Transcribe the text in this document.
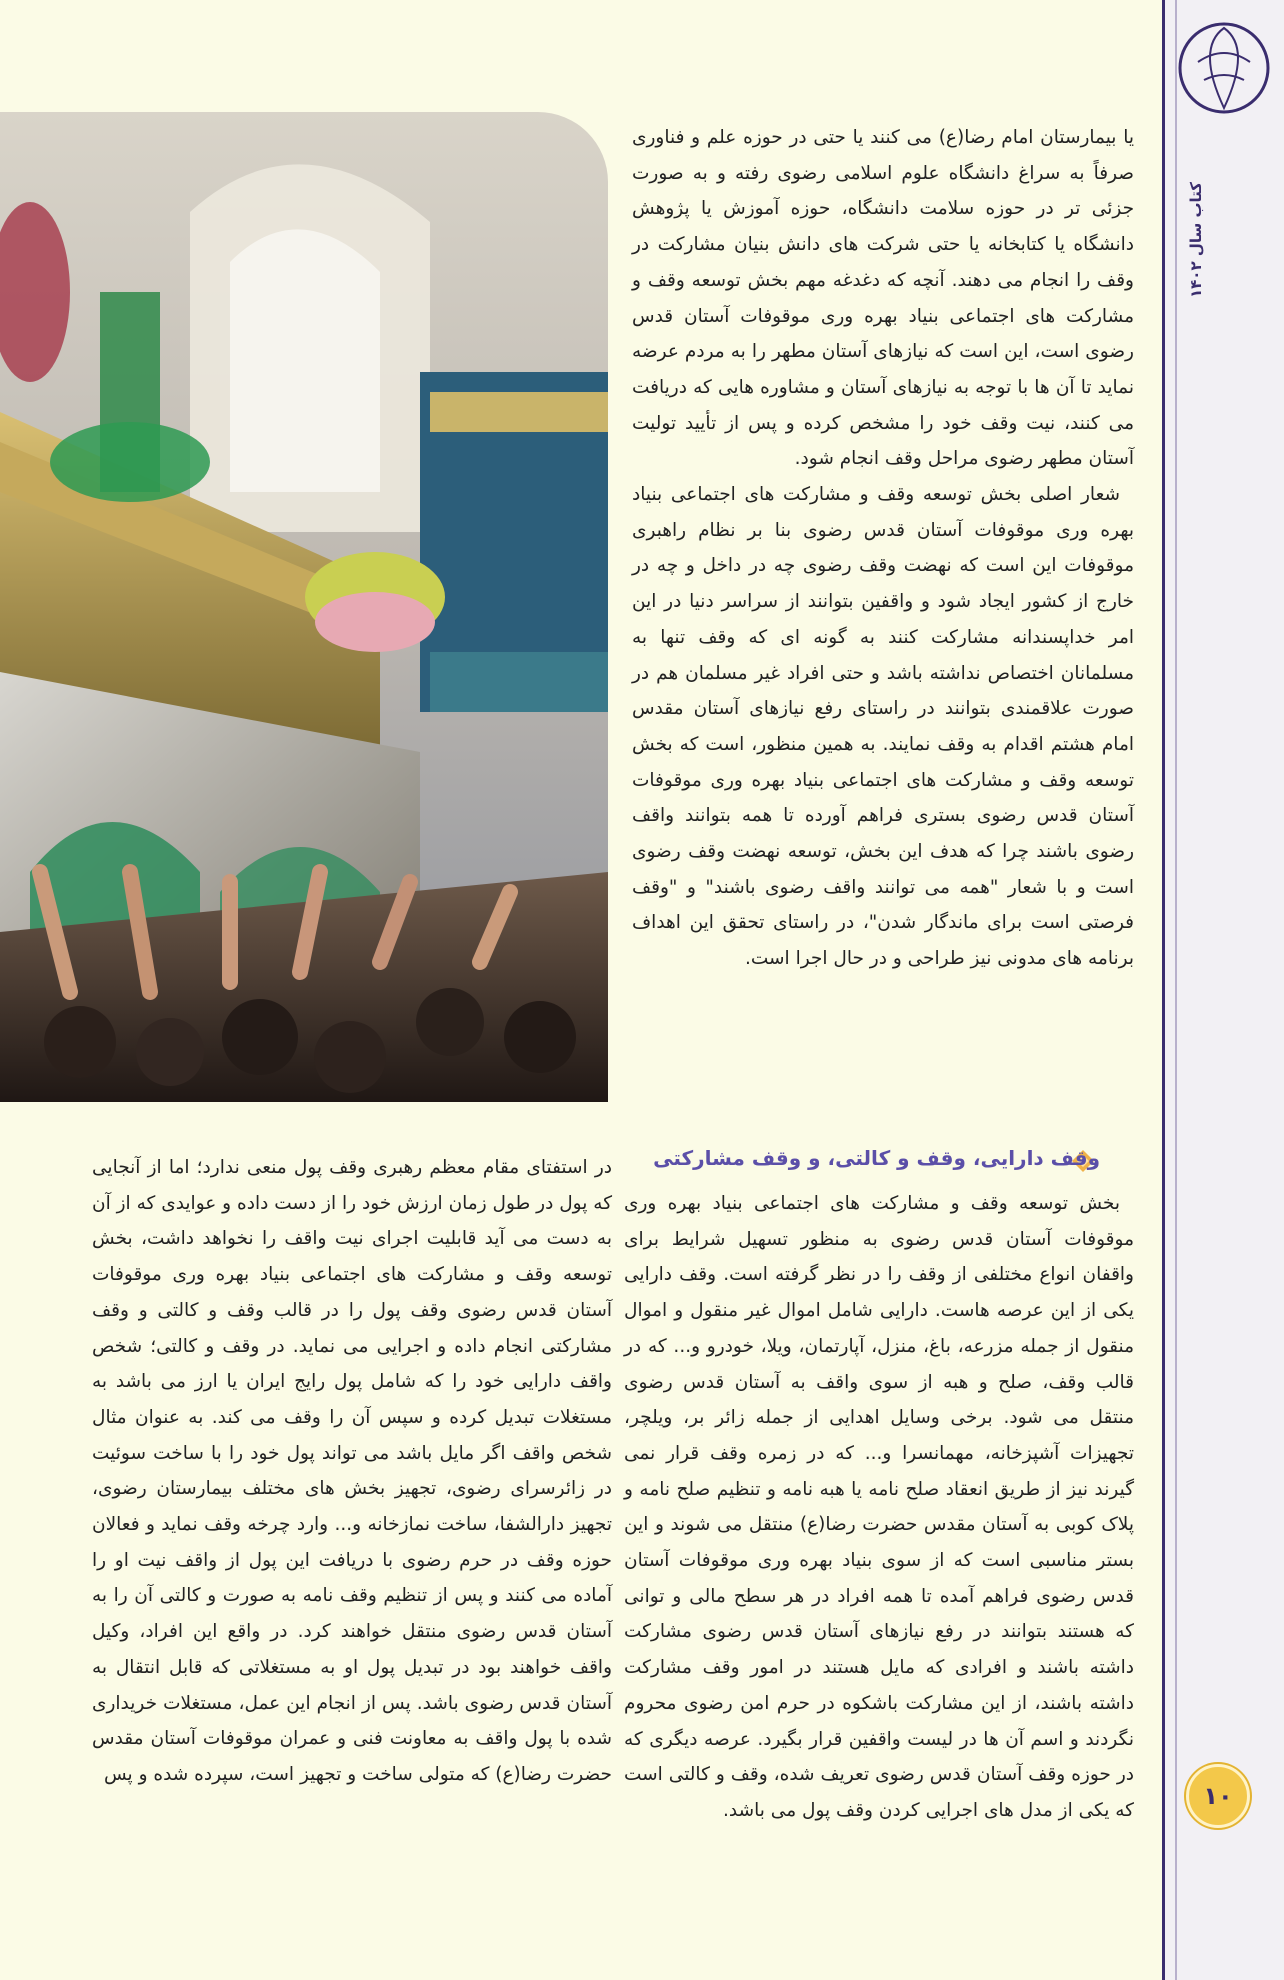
یا بیمارستان امام رضا(ع) می کنند یا حتی در حوزه علم و فناوری صرفاً به سراغ دانشگاه علوم اسلامی رضوی رفته و به صورت جزئی تر در حوزه سلامت دانشگاه، حوزه آموزش یا پژوهش دانشگاه یا کتابخانه یا حتی شرکت های دانش بنیان مشارکت در وقف را انجام می دهند. آنچه که دغدغه مهم بخش توسعه وقف و مشارکت های اجتماعی بنیاد بهره وری موقوفات آستان قدس رضوی است، این است که نیازهای آستان مطهر را به مردم عرضه نماید تا آن ها با توجه به نیازهای آستان و مشاوره هایی که دریافت می کنند، نیت وقف خود را مشخص کرده و پس از تأیید تولیت آستان مطهر رضوی مراحل وقف انجام شود.

شعار اصلی بخش توسعه وقف و مشارکت های اجتماعی بنیاد بهره وری موقوفات آستان قدس رضوی بنا بر نظام راهبری موقوفات این است که نهضت وقف رضوی چه در داخل و چه در خارج از کشور ایجاد شود و واقفین بتوانند از سراسر دنیا در این امر خداپسندانه مشارکت کنند به گونه ای که وقف تنها به مسلمانان اختصاص نداشته باشد و حتی افراد غیر مسلمان هم در صورت علاقمندی بتوانند در راستای رفع نیازهای آستان مقدس امام هشتم اقدام به وقف نمایند. به همین منظور، است که بخش توسعه وقف و مشارکت های اجتماعی بنیاد بهره وری موقوفات آستان قدس رضوی بستری فراهم آورده تا همه بتوانند واقف رضوی باشند چرا که هدف این بخش، توسعه نهضت وقف رضوی است و با شعار "همه می توانند واقف رضوی باشند" و "وقف فرصتی است برای ماندگار شدن"، در راستای تحقق این اهداف برنامه های مدونی نیز طراحی و در حال اجرا است.

وقف دارایی، وقف و کالتی، و وقف مشارکتی

بخش توسعه وقف و مشارکت های اجتماعی بنیاد بهره وری موقوفات آستان قدس رضوی به منظور تسهیل شرایط برای واقفان انواع مختلفی از وقف را در نظر گرفته است. وقف دارایی یکی از این عرصه هاست. دارایی شامل اموال غیر منقول و اموال منقول از جمله مزرعه، باغ، منزل، آپارتمان، ویلا، خودرو و... که در قالب وقف، صلح و هبه از سوی واقف به آستان قدس رضوی منتقل می شود. برخی وسایل اهدایی از جمله زائر بر، ویلچر، تجهیزات آشپزخانه، مهمانسرا و... که در زمره وقف قرار نمی گیرند نیز از طریق انعقاد صلح نامه یا هبه نامه و تنظیم صلح نامه و پلاک کوبی به آستان مقدس حضرت رضا(ع) منتقل می شوند و این بستر مناسبی است که از سوی بنیاد بهره وری موقوفات آستان قدس رضوی فراهم آمده تا همه افراد در هر سطح مالی و توانی که هستند بتوانند در رفع نیازهای آستان قدس رضوی مشارکت داشته باشند و افرادی که مایل هستند در امور وقف مشارکت داشته باشند، از این مشارکت باشکوه در حرم امن رضوی محروم نگردند و اسم آن ها در لیست واقفین قرار بگیرد. عرصه دیگری که در حوزه وقف آستان قدس رضوی تعریف شده، وقف و کالتی است که یکی از مدل های اجرایی کردن وقف پول می باشد.

در استفتای مقام معظم رهبری وقف پول منعی ندارد؛ اما از آنجایی که پول در طول زمان ارزش خود را از دست داده و عوایدی که از آن به دست می آید قابلیت اجرای نیت واقف را نخواهد داشت، بخش توسعه وقف و مشارکت های اجتماعی بنیاد بهره وری موقوفات آستان قدس رضوی وقف پول را در قالب وقف و کالتی و وقف مشارکتی انجام داده و اجرایی می نماید. در وقف و کالتی؛ شخص واقف دارایی خود را که شامل پول رایج ایران یا ارز می باشد به مستغلات تبدیل کرده و سپس آن را وقف می کند. به عنوان مثال شخص واقف اگر مایل باشد می تواند پول خود را با ساخت سوئیت در زائرسرای رضوی، تجهیز بخش های مختلف بیمارستان رضوی، تجهیز دارالشفا، ساخت نمازخانه و... وارد چرخه وقف نماید و فعالان حوزه وقف در حرم رضوی با دریافت این پول از واقف نیت او را آماده می کنند و پس از تنظیم وقف نامه به صورت و کالتی آن را به آستان قدس رضوی منتقل خواهند کرد. در واقع این افراد، وکیل واقف خواهند بود در تبدیل پول او به مستغلاتی که قابل انتقال به آستان قدس رضوی باشد. پس از انجام این عمل، مستغلات خریداری شده با پول واقف به معاونت فنی و عمران موقوفات آستان مقدس حضرت رضا(ع) که متولی ساخت و تجهیز است، سپرده شده و پس

کتاب سال ۱۴۰۲
۱۰
